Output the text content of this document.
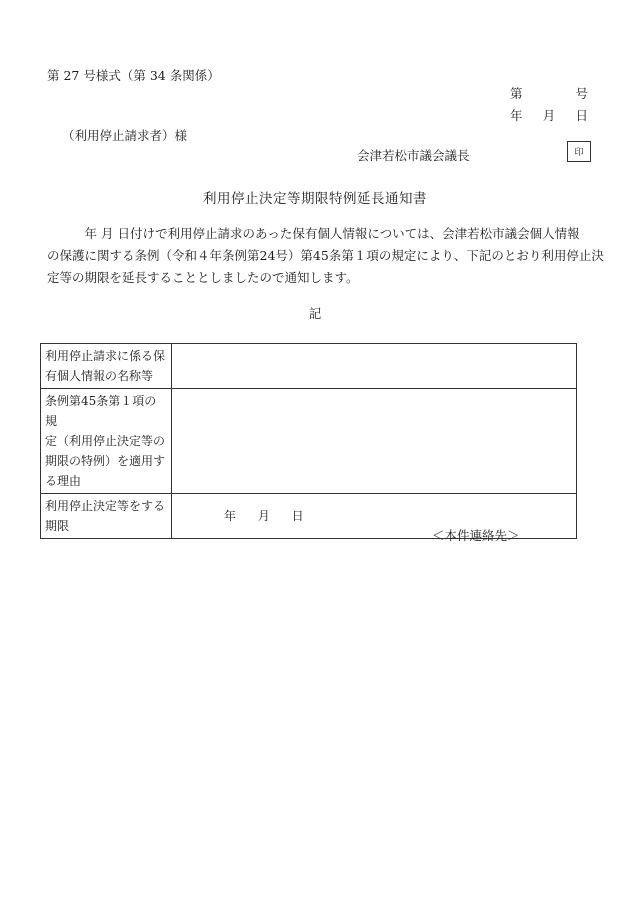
第 27 号様式（第 34 条関係）
第	号
年 月 日
（利用停止請求者）様
会津若松市議会議長	印
利用停止決定等期限特例延長通知書
　　　年 月 日付けで利用停止請求のあった保有個人情報については、会津若松市議会個人情報
の保護に関する条例（令和４年条例第24号）第45条第１項の規定により、下記のとおり利用停止決
定等の期限を延長することとしましたので通知します。
記
利用停止請求に係る保
有個人情報の名称等	

条例第45条第１項の規
定（利用停止決定等の
期限の特例）を適用す
る理由	

利用停止決定等をする
期限	年 月 日
＜本件連絡先＞
